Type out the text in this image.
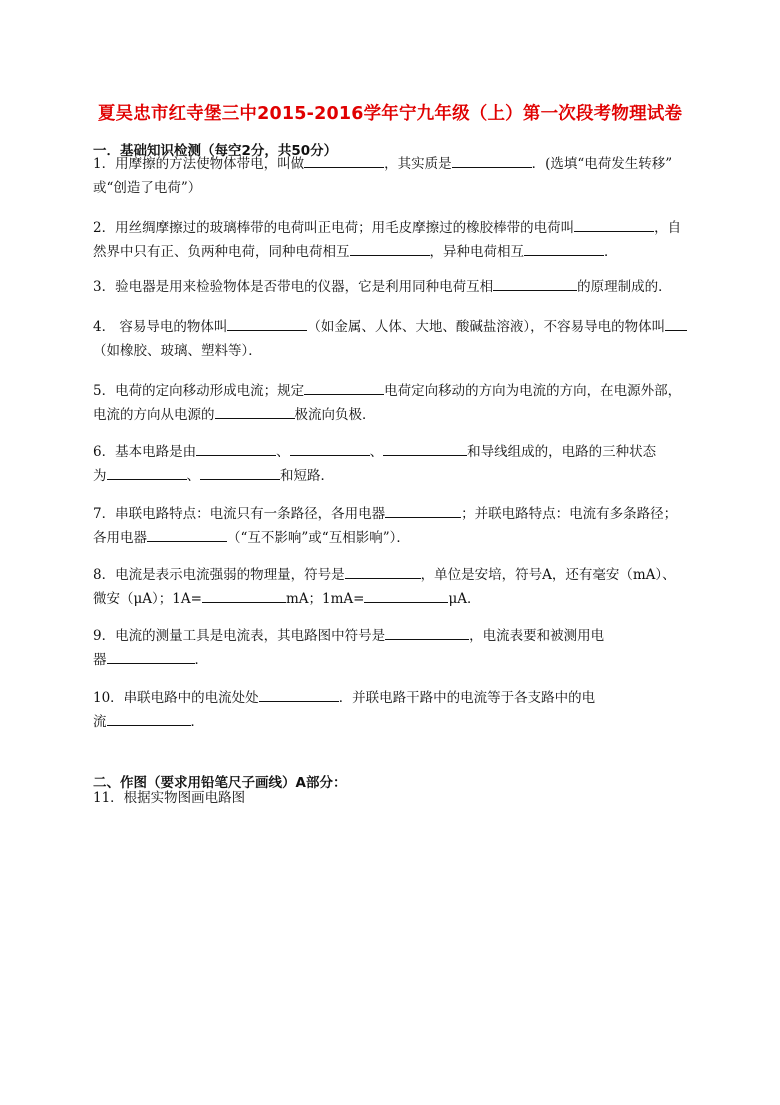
夏吴忠市红寺堡三中2015-2016学年宁九年级（上）第一次段考物理试卷
一．基础知识检测（每空2分，共50分）
1．用摩擦的方法使物体带电，叫做	，其实质是	．(选填“电荷发生转移”
或“创造了电荷”）
2．用丝绸摩擦过的玻璃棒带的电荷叫正电荷；用毛皮摩擦过的橡胶棒带的电荷叫	，自
然界中只有正、负两种电荷，同种电荷相互	，异种电荷相互	．
3．验电器是用来检验物体是否带电的仪器，它是利用同种电荷互相	的原理制成的．
4． 容易导电的物体叫	（如金属、人体、大地、酸碱盐溶液），不容易导电的物体叫
（如橡胶、玻璃、塑料等）．
5．电荷的定向移动形成电流；规定	电荷定向移动的方向为电流的方向，在电源外部，
电流的方向从电源的	极流向负极．
6．基本电路是由	、	、	和导线组成的，电路的三种状态
为	、	和短路．
7．串联电路特点：电流只有一条路径，各用电器	；并联电路特点：电流有多条路径；
各用电器	（“互不影响”或“互相影响”）．
8．电流是表示电流强弱的物理量，符号是	，单位是安培，符号A，还有毫安（mA）、
微安（μA）；1A=	mA；1mA=	μA．
9．电流的测量工具是电流表，其电路图中符号是	，电流表要和被测用电
器	．
10．串联电路中的电流处处	．并联电路干路中的电流等于各支路中的电
流	．
二、作图（要求用铅笔尺子画线）A部分：
11．根据实物图画电路图
